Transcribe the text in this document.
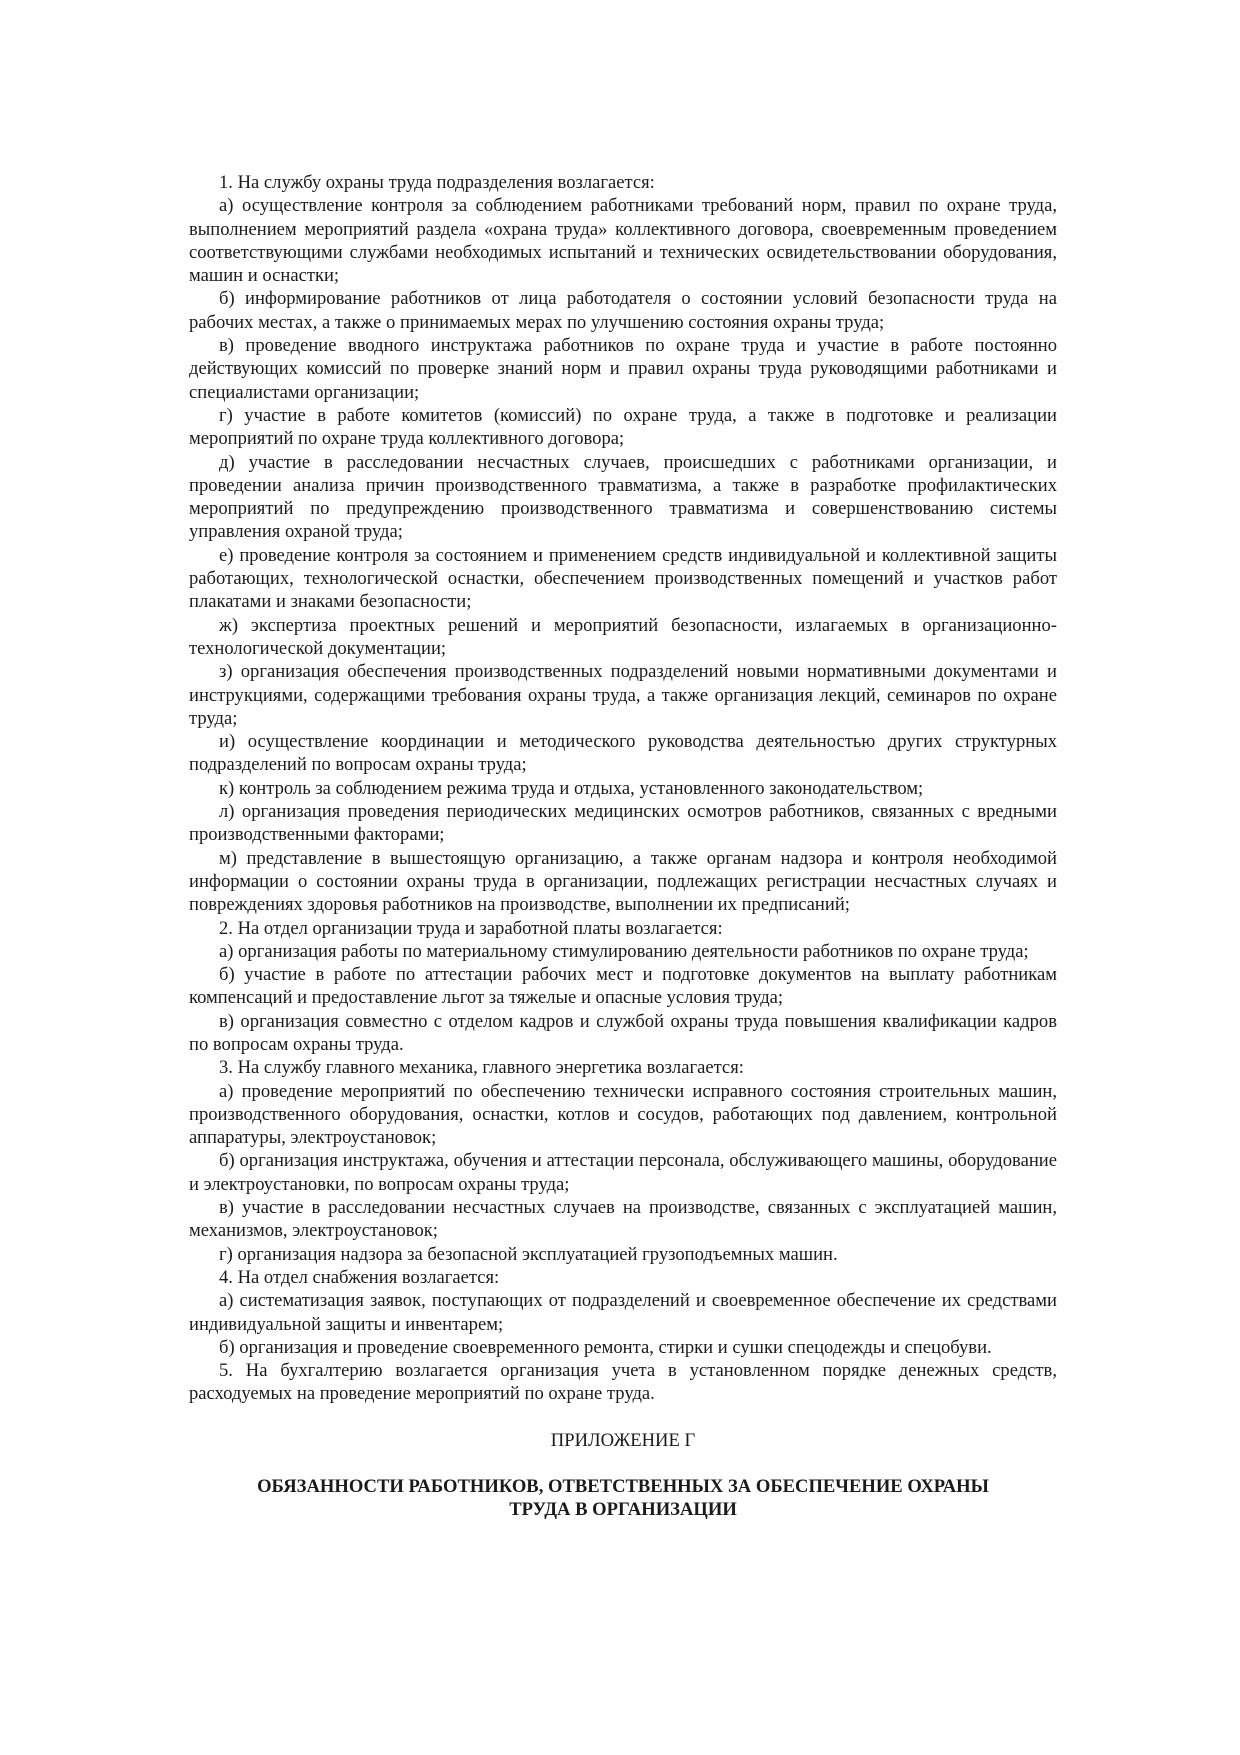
1. На службу охраны труда подразделения возлагается:

а) осуществление контроля за соблюдением работниками требований норм, правил по охране труда, выполнением мероприятий раздела «охрана труда» коллективного договора, своевременным проведением соответствующими службами необходимых испытаний и технических освидетельствовании оборудования, машин и оснастки;

б) информирование работников от лица работодателя о состоянии условий безопасности труда на рабочих местах, а также о принимаемых мерах по улучшению состояния охраны труда;

в) проведение вводного инструктажа работников по охране труда и участие в работе постоянно действующих комиссий по проверке знаний норм и правил охраны труда руководящими работниками и специалистами организации;

г) участие в работе комитетов (комиссий) по охране труда, а также в подготовке и реализации мероприятий по охране труда коллективного договора;

д) участие в расследовании несчастных случаев, происшедших с работниками организации, и проведении анализа причин производственного травматизма, а также в разработке профилактических мероприятий по предупреждению производственного травматизма и совершенствованию системы управления охраной труда;

е) проведение контроля за состоянием и применением средств индивидуальной и коллективной защиты работающих, технологической оснастки, обеспечением производственных помещений и участков работ плакатами и знаками безопасности;

ж) экспертиза проектных решений и мероприятий безопасности, излагаемых в организационно-технологической документации;

з) организация обеспечения производственных подразделений новыми нормативными документами и инструкциями, содержащими требования охраны труда, а также организация лекций, семинаров по охране труда;

и) осуществление координации и методического руководства деятельностью других структурных подразделений по вопросам охраны труда;

к) контроль за соблюдением режима труда и отдыха, установленного законодательством;

л) организация проведения периодических медицинских осмотров работников, связанных с вредными производственными факторами;

м) представление в вышестоящую организацию, а также органам надзора и контроля необходимой информации о состоянии охраны труда в организации, подлежащих регистрации несчастных случаях и повреждениях здоровья работников на производстве, выполнении их предписаний;

2. На отдел организации труда и заработной платы возлагается:

а) организация работы по материальному стимулированию деятельности работников по охране труда;

б) участие в работе по аттестации рабочих мест и подготовке документов на выплату работникам компенсаций и предоставление льгот за тяжелые и опасные условия труда;

в) организация совместно с отделом кадров и службой охраны труда повышения квалификации кадров по вопросам охраны труда.

3. На службу главного механика, главного энергетика возлагается:

а) проведение мероприятий по обеспечению технически исправного состояния строительных машин, производственного оборудования, оснастки, котлов и сосудов, работающих под давлением, контрольной аппаратуры, электроустановок;

б) организация инструктажа, обучения и аттестации персонала, обслуживающего машины, оборудование и электроустановки, по вопросам охраны труда;

в) участие в расследовании несчастных случаев на производстве, связанных с эксплуатацией машин, механизмов, электроустановок;

г) организация надзора за безопасной эксплуатацией грузоподъемных машин.

4. На отдел снабжения возлагается:

а) систематизация заявок, поступающих от подразделений и своевременное обеспечение их средствами индивидуальной защиты и инвентарем;

б) организация и проведение своевременного ремонта, стирки и сушки спецодежды и спецобуви.

5. На бухгалтерию возлагается организация учета в установленном порядке денежных средств, расходуемых на проведение мероприятий по охране труда.

ПРИЛОЖЕНИЕ Г

ОБЯЗАННОСТИ РАБОТНИКОВ, ОТВЕТСТВЕННЫХ ЗА ОБЕСПЕЧЕНИЕ ОХРАНЫ
ТРУДА В ОРГАНИЗАЦИИ
